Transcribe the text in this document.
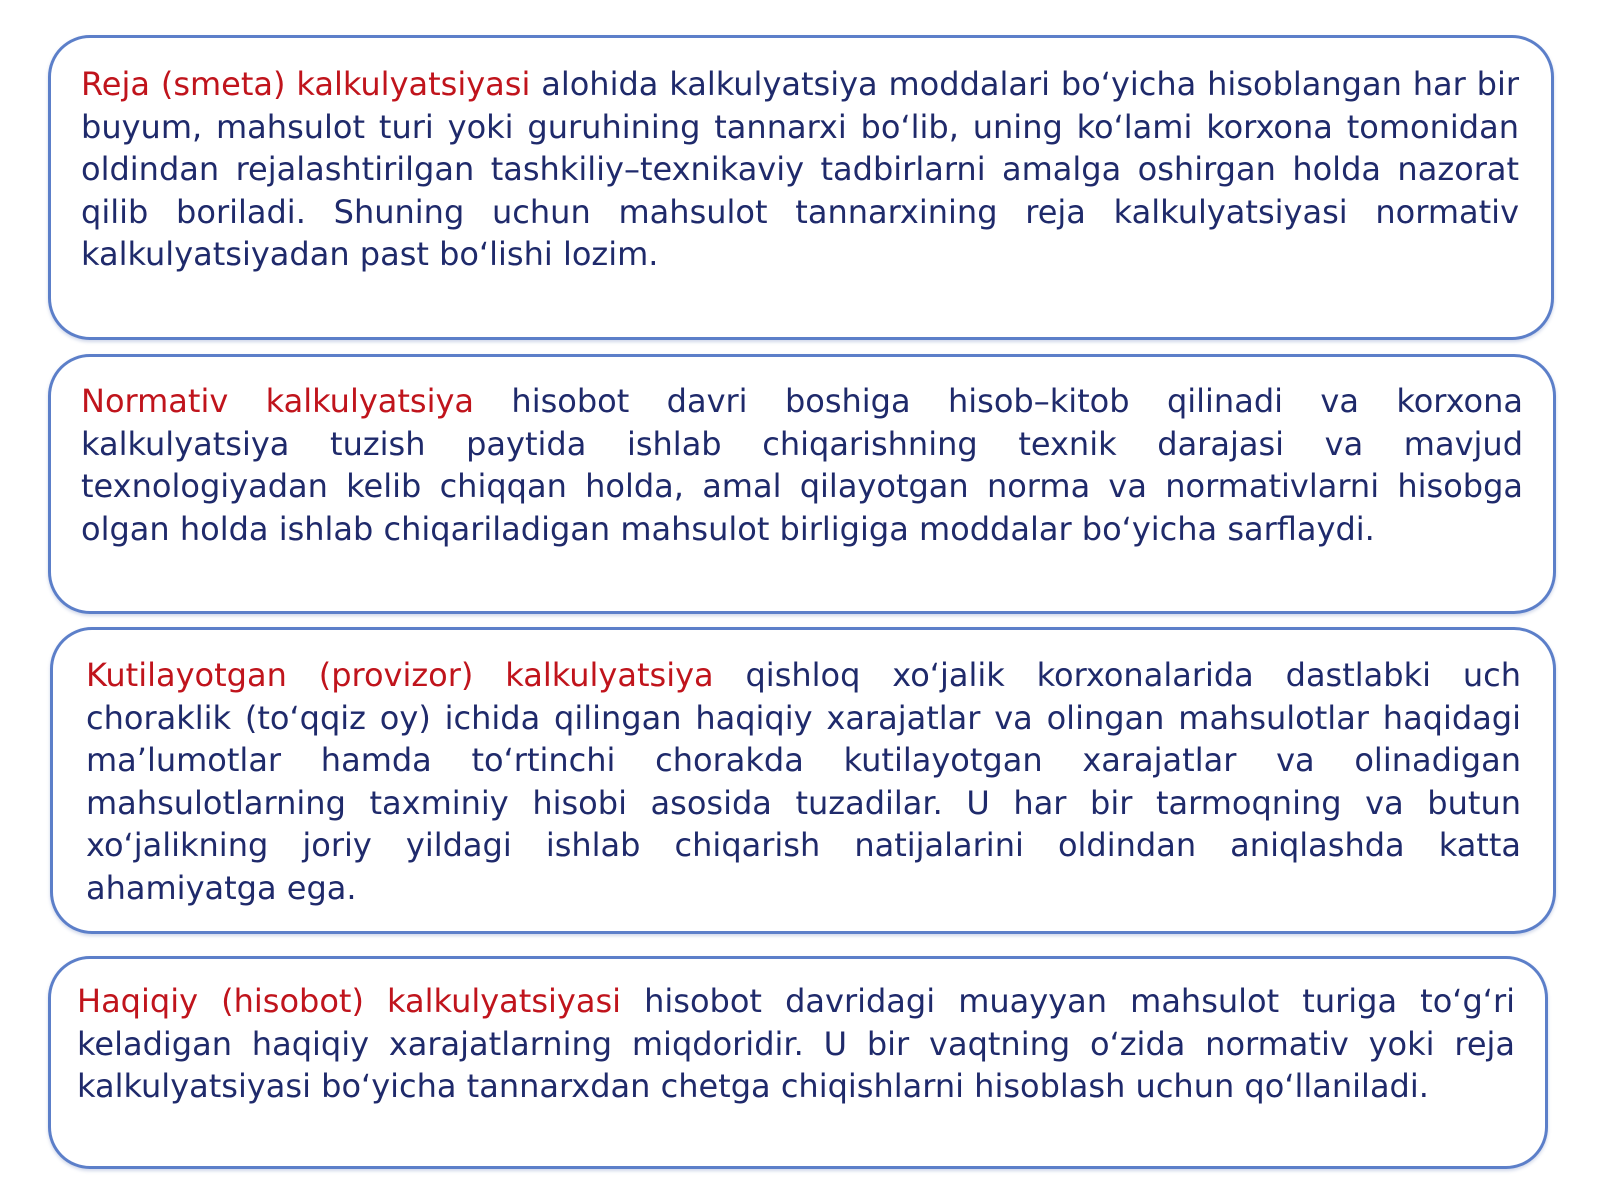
Reja (smeta) kalkulyatsiyasi alohida kalkulyatsiya moddalari bo‘yicha hisoblangan har bir buyum, mahsulot turi yoki guruhining tannarxi bo‘lib, uning ko‘lami korxona tomonidan oldindan rejalashtirilgan tashkiliy–texnikaviy tadbirlarni amalga oshirgan holda nazorat qilib boriladi. Shuning uchun mahsulot tannarxining reja kalkulyatsiyasi normativ kalkulyatsiyadan past bo‘lishi lozim.

Normativ kalkulyatsiya hisobot davri boshiga hisob–kitob qilinadi va korxona kalkulyatsiya tuzish paytida ishlab chiqarishning texnik darajasi va mavjud texnologiyadan kelib chiqqan holda, amal qilayotgan norma va normativlarni hisobga olgan holda ishlab chiqariladigan mahsulot birligiga moddalar bo‘yicha sarflaydi.

Kutilayotgan (provizor) kalkulyatsiya qishloq xo‘jalik korxonalarida dastlabki uch choraklik (to‘qqiz oy) ichida qilingan haqiqiy xarajatlar va olingan mahsulotlar haqidagi ma’lumotlar hamda to‘rtinchi chorakda kutilayotgan xarajatlar va olinadigan mahsulotlarning taxminiy hisobi asosida tuzadilar. U har bir tarmoqning va butun xo‘jalikning joriy yildagi ishlab chiqarish natijalarini oldindan aniqlashda katta ahamiyatga ega.

Haqiqiy (hisobot) kalkulyatsiyasi hisobot davridagi muayyan mahsulot turiga to‘g‘ri keladigan haqiqiy xarajatlarning miqdoridir. U bir vaqtning o‘zida normativ yoki reja kalkulyatsiyasi bo‘yicha tannarxdan chetga chiqishlarni hisoblash uchun qo‘llaniladi.
